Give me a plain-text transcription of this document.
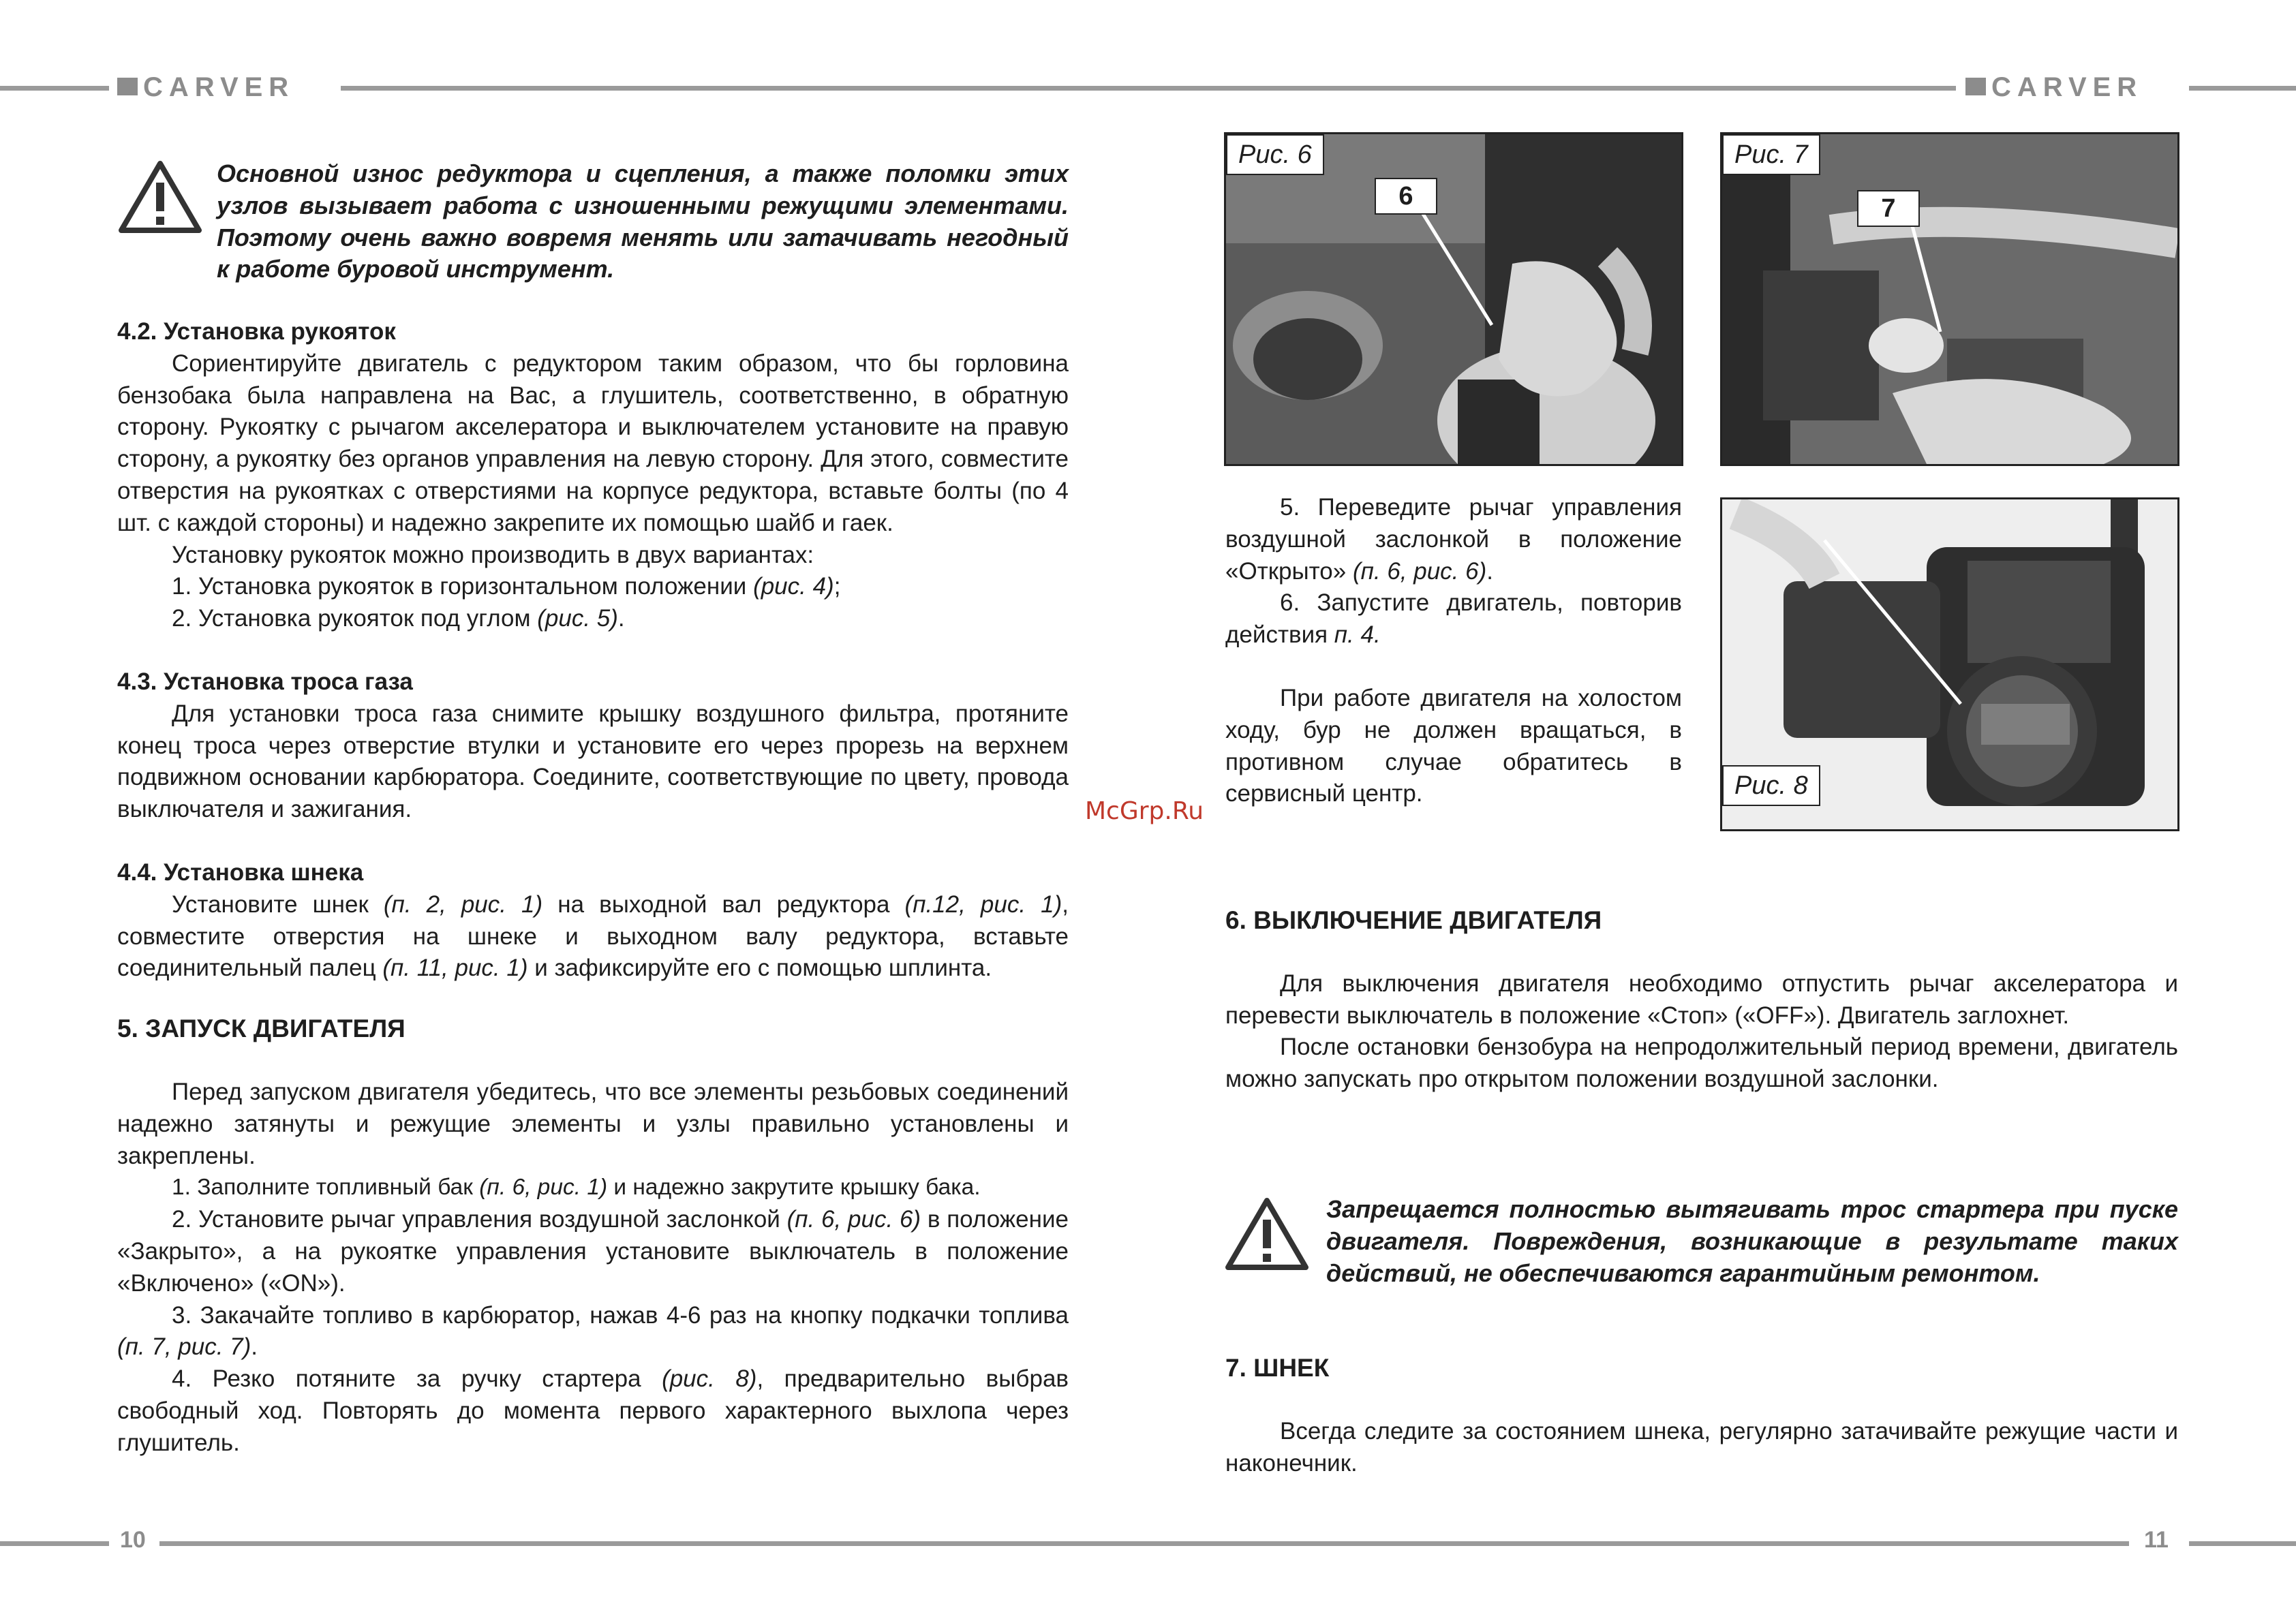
CARVER	CARVER
10	11
McGrp.Ru
Основной износ редуктора и сцепления, а также поломки этих узлов вызывает работа с изношенными режущими элементами. Поэтому очень важно вовремя менять или затачивать негодный к работе буровой инструмент.

4.2. Установка рукояток

Сориентируйте двигатель с редуктором таким образом, что бы горловина бензобака была направлена на Вас, а глушитель, соответственно, в обратную сторону. Рукоятку с рычагом акселератора и выключателем установите на правую сторону, а рукоятку без органов управления на левую сторону. Для этого, совместите отверстия на рукоятках с отверстиями на корпусе редуктора, вставьте болты (по 4 шт. с каждой стороны) и надежно закрепите их помощью шайб и гаек.

Установку рукояток можно производить в двух вариантах:

1. Установка рукояток в горизонтальном положении (рис. 4);

2. Установка рукояток под углом (рис. 5).

4.3. Установка троса газа

Для установки троса газа снимите крышку воздушного фильтра, протяните конец троса через отверстие втулки и установите его через прорезь на верхнем подвижном основании карбюратора. Соедините, соответствующие по цвету, провода выключателя и зажигания.

4.4. Установка шнека

Установите шнек (п. 2, рис. 1) на выходной вал редуктора (п.12, рис. 1), совместите отверстия на шнеке и выходном валу редуктора, вставьте соединительный палец (п. 11, рис. 1) и зафиксируйте его с помощью шплинта.

5. ЗАПУСК ДВИГАТЕЛЯ

Перед запуском двигателя убедитесь, что все элементы резьбовых соединений надежно затянуты и режущие элементы и узлы правильно установлены и закреплены.

1. Заполните топливный бак (п. 6, рис. 1) и надежно закрутите крышку бака.

2. Установите рычаг управления воздушной заслонкой (п. 6, рис. 6) в положение «Закрыто», а на рукоятке управления установите выключатель в положение «Включено» («ON»).

3. Закачайте топливо в карбюратор, нажав 4-6 раз на кнопку подкачки топлива (п. 7, рис. 7).

4. Резко потяните за ручку стартера (рис. 8), предварительно выбрав свободный ход. Повторять до момента первого характерного выхлопа через глушитель.

Рис. 6
6
Рис. 7
7
Рис. 8

5. Переведите рычаг управления воздушной заслонкой в положение «Открыто» (п. 6, рис. 6).

6. Запустите двигатель, повторив действия п. 4.

При работе двигателя на холостом ходу, бур не должен вращаться, в противном случае обратитесь в сервисный центр.

6. ВЫКЛЮЧЕНИЕ ДВИГАТЕЛЯ

Для выключения двигателя необходимо отпустить рычаг акселератора и перевести выключатель в положение «Стоп» («OFF»). Двигатель заглохнет.

После остановки бензобура на непродолжительный период времени, двигатель можно запускать про открытом положении воздушной заслонки.

Запрещается полностью вытягивать трос стартера при пуске двигателя. Повреждения, возникающие в результате таких действий, не обеспечиваются гарантийным ремонтом.

7. ШНЕК

Всегда следите за состоянием шнека, регулярно затачивайте режущие части и наконечник.
